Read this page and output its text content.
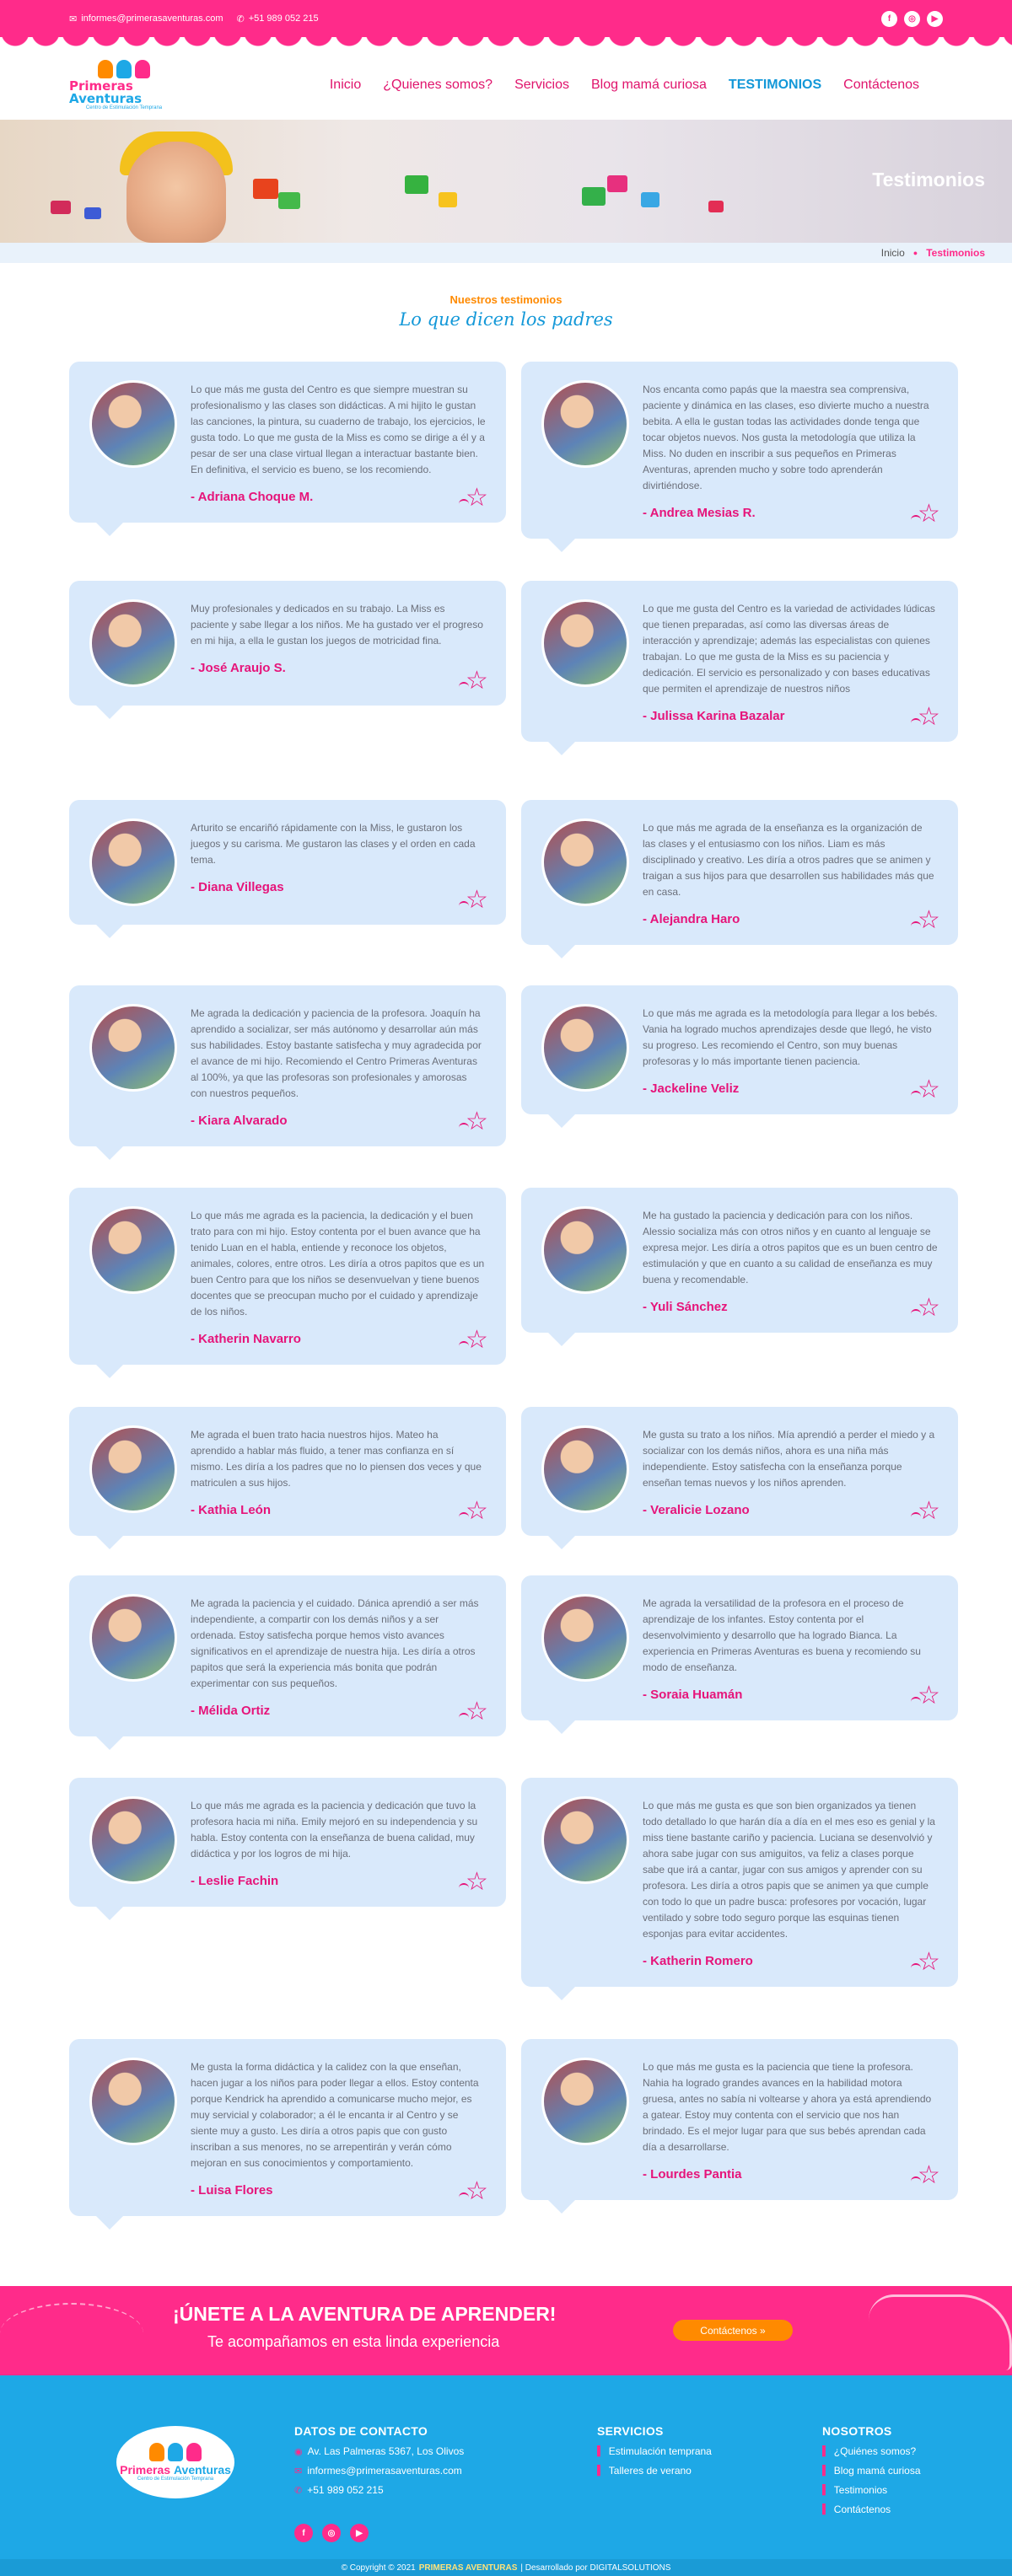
✉ informes@primerasaventuras.com ✆ +51 989 052 215	f	◎	▶
Primeras Aventuras
Centro de Estimulación Temprana
Inicio ¿Quienes somos? Servicios Blog mamá curiosa TESTIMONIOS Contáctenos
Testimonios
Inicio ● Testimonios
Nuestros testimonios
Lo que dicen los padres

Lo que más me gusta del Centro es que siempre muestran su profesionalismo y las clases son didácticas. A mi hijito le gustan las canciones, la pintura, su cuaderno de trabajo, los ejercicios, le gusta todo. Lo que me gusta de la Miss es como se dirige a él y a pesar de ser una clase virtual llegan a interactuar bastante bien. En definitiva, el servicio es bueno, se los recomiendo.

- Adriana Choque M.
☆

Nos encanta como papás que la maestra sea comprensiva, paciente y dinámica en las clases, eso divierte mucho a nuestra bebita. A ella le gustan todas las actividades donde tenga que tocar objetos nuevos. Nos gusta la metodología que utiliza la Miss. No duden en inscribir a sus pequeños en Primeras Aventuras, aprenden mucho y sobre todo aprenderán divirtiéndose.

- Andrea Mesias R.
☆

Muy profesionales y dedicados en su trabajo. La Miss es paciente y sabe llegar a los niños. Me ha gustado ver el progreso en mi hija, a ella le gustan los juegos de motricidad fina.

- José Araujo S.
☆

Lo que me gusta del Centro es la variedad de actividades lúdicas que tienen preparadas, así como las diversas áreas de interacción y aprendizaje; además las especialistas con quienes trabajan. Lo que me gusta de la Miss es su paciencia y dedicación. El servicio es personalizado y con bases educativas que permiten el aprendizaje de nuestros niños

- Julissa Karina Bazalar
☆

Arturito se encariñó rápidamente con la Miss, le gustaron los juegos y su carisma. Me gustaron las clases y el orden en cada tema.

- Diana Villegas
☆

Lo que más me agrada de la enseñanza es la organización de las clases y el entusiasmo con los niños. Liam es más disciplinado y creativo. Les diría a otros padres que se animen y traigan a sus hijos para que desarrollen sus habilidades más que en casa.

- Alejandra Haro
☆

Me agrada la dedicación y paciencia de la profesora. Joaquín ha aprendido a socializar, ser más autónomo y desarrollar aún más sus habilidades. Estoy bastante satisfecha y muy agradecida por el avance de mi hijo. Recomiendo el Centro Primeras Aventuras al 100%, ya que las profesoras son profesionales y amorosas con nuestros pequeños.

- Kiara Alvarado
☆

Lo que más me agrada es la metodología para llegar a los bebés. Vania ha logrado muchos aprendizajes desde que llegó, he visto su progreso. Les recomiendo el Centro, son muy buenas profesoras y lo más importante tienen paciencia.

- Jackeline Veliz
☆

Lo que más me agrada es la paciencia, la dedicación y el buen trato para con mi hijo. Estoy contenta por el buen avance que ha tenido Luan en el habla, entiende y reconoce los objetos, animales, colores, entre otros. Les diría a otros papitos que es un buen Centro para que los niños se desenvuelvan y tiene buenos docentes que se preocupan mucho por el cuidado y aprendizaje de los niños.

- Katherin Navarro
☆

Me ha gustado la paciencia y dedicación para con los niños. Alessio socializa más con otros niños y en cuanto al lenguaje se expresa mejor. Les diría a otros papitos que es un buen centro de estimulación y que en cuanto a su calidad de enseñanza es muy buena y recomendable.

- Yuli Sánchez
☆

Me agrada el buen trato hacia nuestros hijos. Mateo ha aprendido a hablar más fluido, a tener mas confianza en sí mismo. Les diría a los padres que no lo piensen dos veces y que matriculen a sus hijos.

- Kathia León
☆

Me gusta su trato a los niños. Mía aprendió a perder el miedo y a socializar con los demás niños, ahora es una niña más independiente. Estoy satisfecha con la enseñanza porque enseñan temas nuevos y los niños aprenden.

- Veralicie Lozano
☆

Me agrada la paciencia y el cuidado. Dánica aprendió a ser más independiente, a compartir con los demás niños y a ser ordenada. Estoy satisfecha porque hemos visto avances significativos en el aprendizaje de nuestra hija. Les diría a otros papitos que será la experiencia más bonita que podrán experimentar con sus pequeños.

- Mélida Ortiz
☆

Me agrada la versatilidad de la profesora en el proceso de aprendizaje de los infantes. Estoy contenta por el desenvolvimiento y desarrollo que ha logrado Bianca. La experiencia en Primeras Aventuras es buena y recomiendo su modo de enseñanza.

- Soraia Huamán
☆

Lo que más me agrada es la paciencia y dedicación que tuvo la profesora hacia mi niña. Emily mejoró en su independencia y su habla. Estoy contenta con la enseñanza de buena calidad, muy didáctica y por los logros de mi hija.

- Leslie Fachin
☆

Lo que más me gusta es que son bien organizados ya tienen todo detallado lo que harán día a día en el mes eso es genial y la miss tiene bastante cariño y paciencia. Luciana se desenvolvió y ahora sabe jugar con sus amiguitos, va feliz a clases porque sabe que irá a cantar, jugar con sus amigos y aprender con su profesora. Les diría a otros papis que se animen ya que cumple con todo lo que un padre busca: profesores por vocación, lugar ventilado y sobre todo seguro porque las esquinas tienen esponjas para evitar accidentes.

- Katherin Romero
☆

Me gusta la forma didáctica y la calidez con la que enseñan, hacen jugar a los niños para poder llegar a ellos. Estoy contenta porque Kendrick ha aprendido a comunicarse mucho mejor, es muy servicial y colaborador; a él le encanta ir al Centro y se siente muy a gusto. Les diría a otros papis que con gusto inscriban a sus menores, no se arrepentirán y verán cómo mejoran en sus conocimientos y comportamiento.

- Luisa Flores
☆

Lo que más me gusta es la paciencia que tiene la profesora. Nahia ha logrado grandes avances en la habilidad motora gruesa, antes no sabía ni voltearse y ahora ya está aprendiendo a gatear. Estoy muy contenta con el servicio que nos han brindado. Es el mejor lugar para que sus bebés aprendan cada día a desarrollarse.

- Lourdes Pantia
☆
¡ÚNETE A LA AVENTURA DE APRENDER!
Te acompañamos en esta linda experiencia
Contáctenos »
Primeras Aventuras
Centro de Estimulación Temprana
DATOS DE CONTACTO
◉ Av. Las Palmeras 5367, Los Olivos
✉ informes@primerasaventuras.com
✆ +51 989 052 215
f	◎	▶
SERVICIOS
▌ Estimulación temprana
▌ Talleres de verano
NOSOTROS
▌ ¿Quiénes somos?
▌ Blog mamá curiosa
▌ Testimonios
▌ Contáctenos
© Copyright © 2021 PRIMERAS AVENTURAS | Desarrollado por DIGITALSOLUTIONS
